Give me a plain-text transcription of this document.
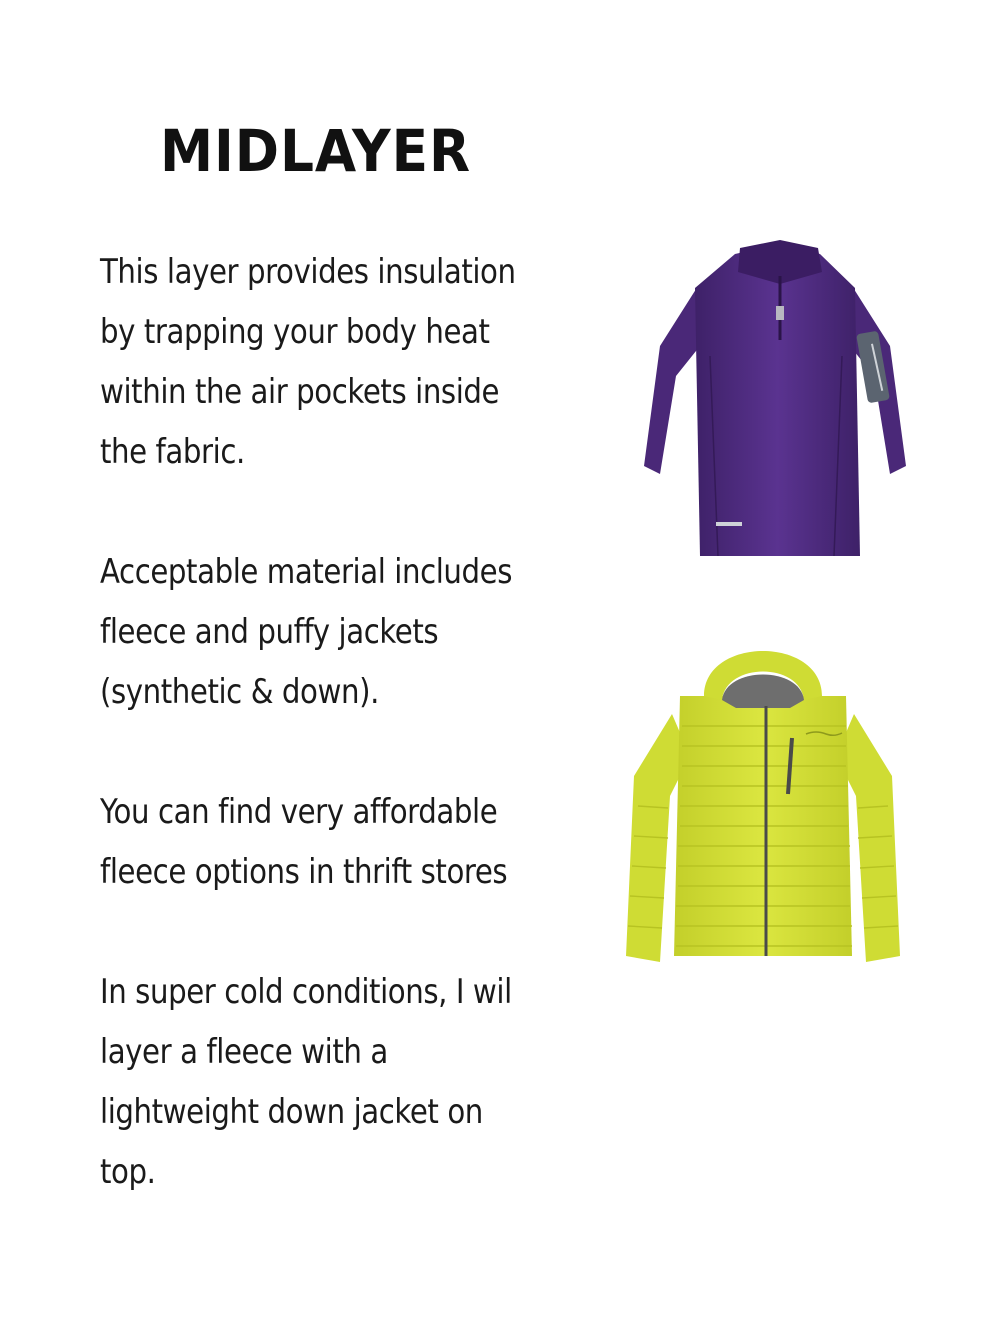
MIDLAYER

This layer provides insulation
by trapping your body heat
within the air pockets inside
the fabric.

Acceptable material includes
fleece and puffy jackets
(synthetic & down).

You can find very affordable
fleece options in thrift stores

In super cold conditions, I wil
layer a fleece with a
lightweight down jacket on
top.
